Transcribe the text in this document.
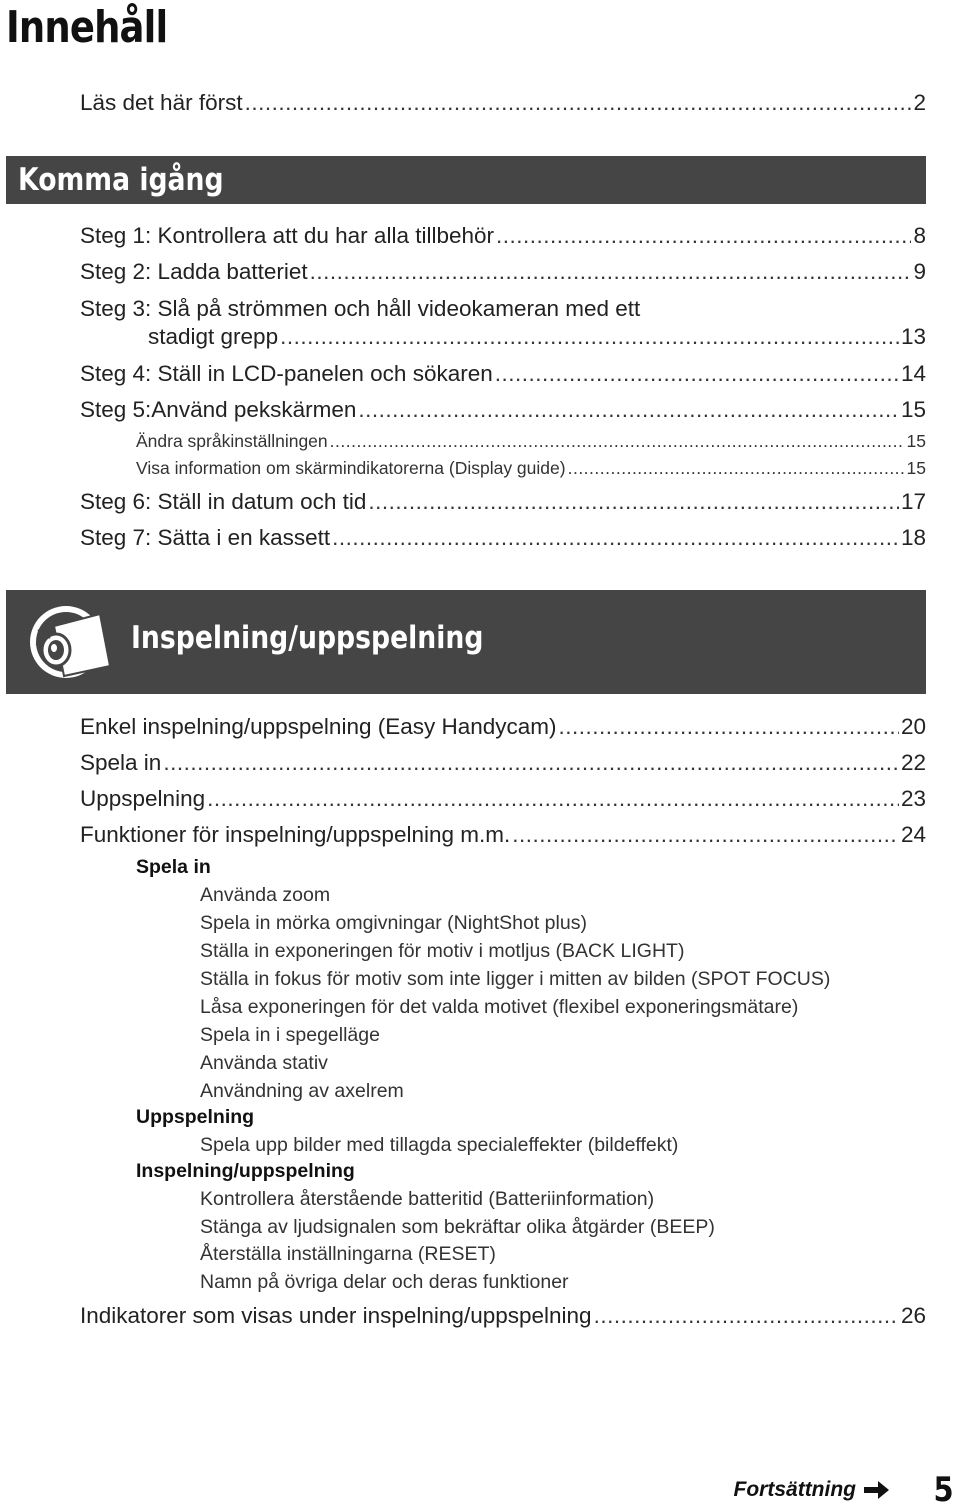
Innehåll
Läs det här först .....	2
Komma igång
Steg 1: Kontrollera att du har alla tillbehör .....	8
Steg 2: Ladda batteriet .....	9
Steg 3: Slå på strömmen och håll videokameran med ett
stadigt grepp .....	13
Steg 4: Ställ in LCD-panelen och sökaren .....	14
Steg 5:Använd pekskärmen .....	15
Ändra språkinställningen .....	15
Visa information om skärmindikatorerna (Display guide) .....	15
Steg 6: Ställ in datum och tid .....	17
Steg 7: Sätta i en kassett .....	18
Inspelning/uppspelning
Enkel inspelning/uppspelning (Easy Handycam) .....	20
Spela in .....	22
Uppspelning .....	23
Funktioner för inspelning/uppspelning m.m. .....	24
Spela in
Använda zoom
Spela in mörka omgivningar (NightShot plus)
Ställa in exponeringen för motiv i motljus (BACK LIGHT)
Ställa in fokus för motiv som inte ligger i mitten av bilden (SPOT FOCUS)
Låsa exponeringen för det valda motivet (flexibel exponeringsmätare)
Spela in i spegelläge
Använda stativ
Användning av axelrem
Uppspelning
Spela upp bilder med tillagda specialeffekter (bildeffekt)
Inspelning/uppspelning
Kontrollera återstående batteritid (Batteriinformation)
Stänga av ljudsignalen som bekräftar olika åtgärder (BEEP)
Återställa inställningarna (RESET)
Namn på övriga delar och deras funktioner
Indikatorer som visas under inspelning/uppspelning .....	26
Fortsättning 5
